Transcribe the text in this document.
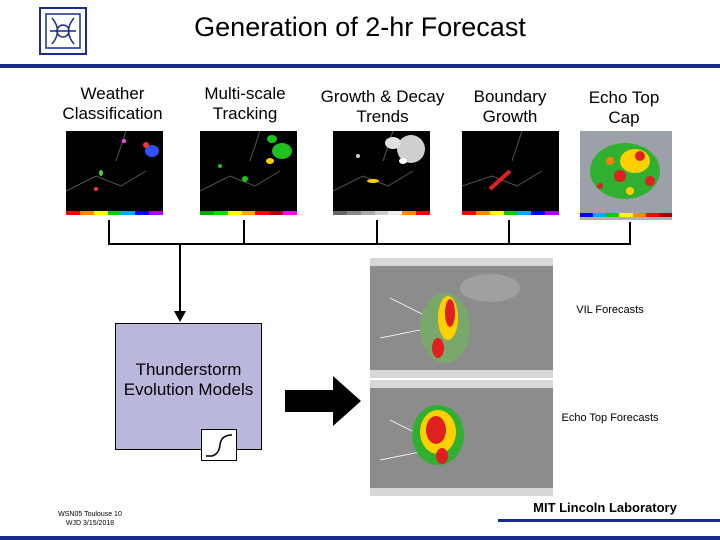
Generation of 2-hr Forecast
Weather Classification
Multi-scale Tracking
Growth & Decay Trends
Boundary Growth
Echo Top Cap
Thunderstorm Evolution Models
VIL Forecasts
Echo Top Forecasts
WSN05 Toulouse 10
WJD 3/15/2018
MIT Lincoln Laboratory
